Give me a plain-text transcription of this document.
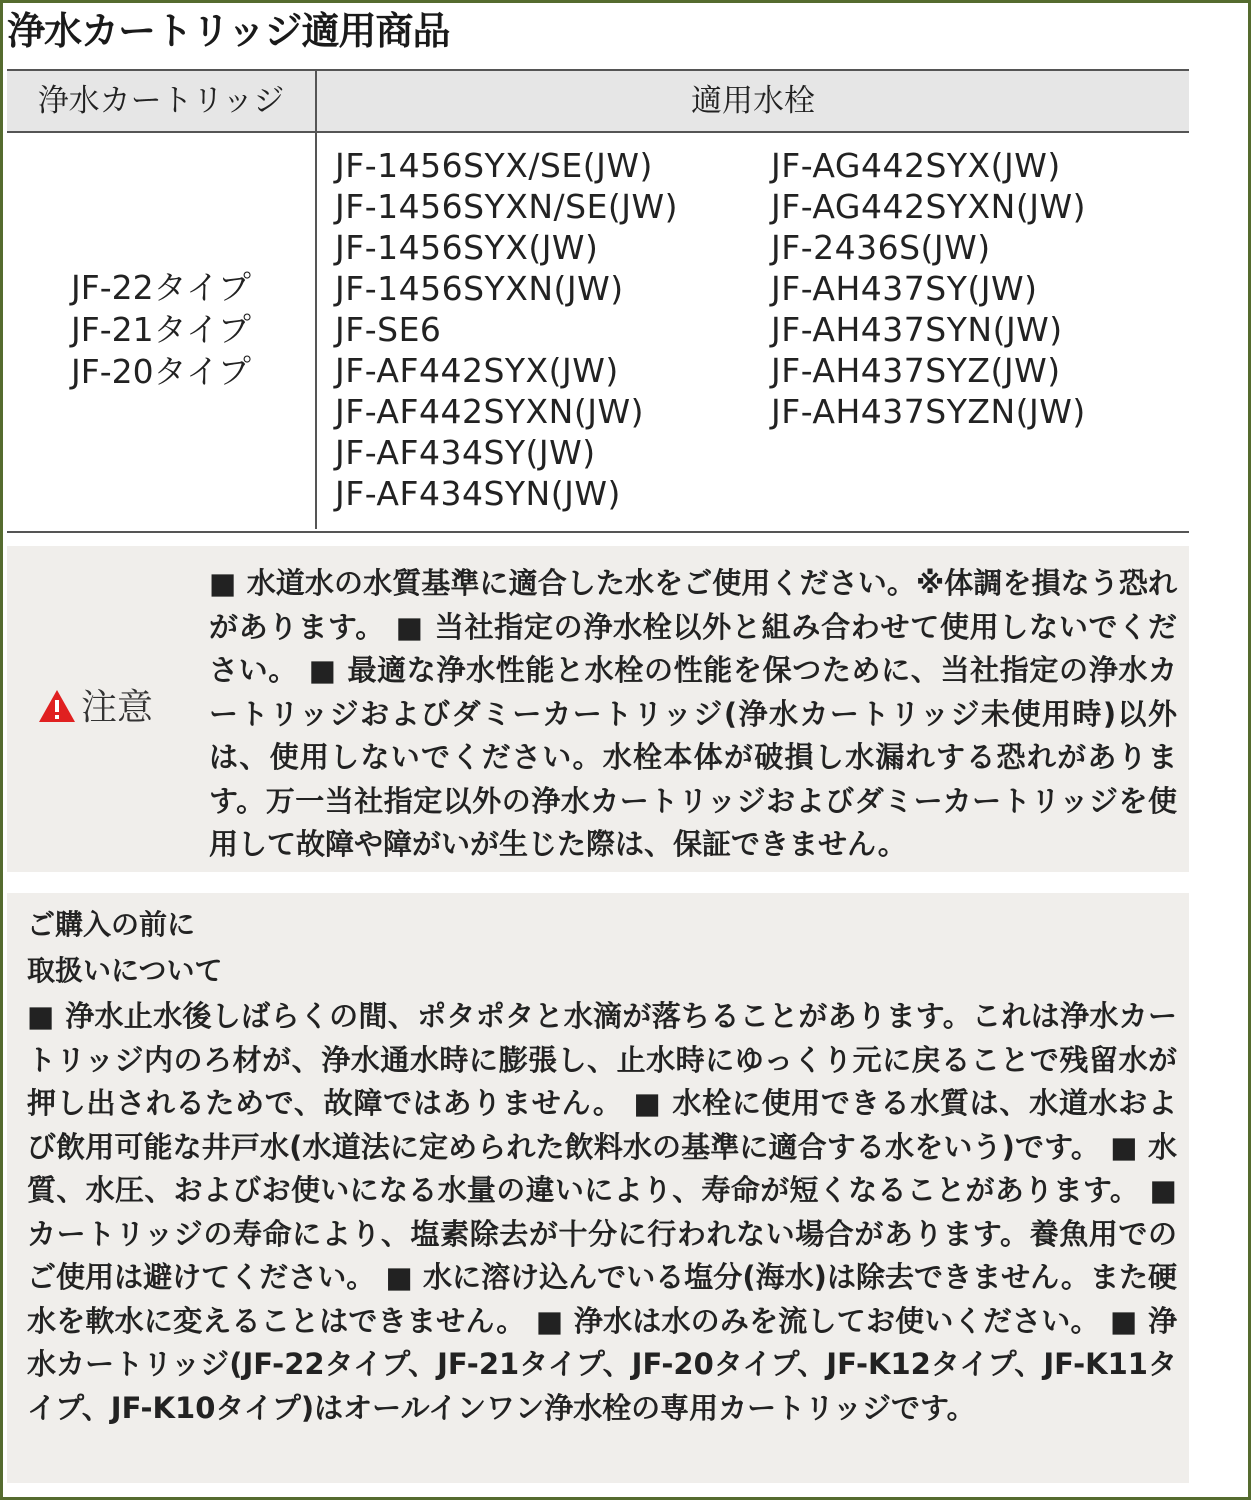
浄水カートリッジ適用商品
浄水カートリッジ	適用水栓
JF-22タイプ
JF-21タイプ
JF-20タイプ
JF-1456SYX/SE(JW)
JF-1456SYXN/SE(JW)
JF-1456SYX(JW)
JF-1456SYXN(JW)
JF-SE6
JF-AF442SYX(JW)
JF-AF442SYXN(JW)
JF-AF434SY(JW)
JF-AF434SYN(JW)
JF-AG442SYX(JW)
JF-AG442SYXN(JW)
JF-2436S(JW)
JF-AH437SY(JW)
JF-AH437SYN(JW)
JF-AH437SYZ(JW)
JF-AH437SYZN(JW)
注意
■ 水道水の水質基準に適合した水をご使用ください。※体調を損なう恐れがあります。 ■ 当社指定の浄水栓以外と組み合わせて使用しないでください。 ■ 最適な浄水性能と水栓の性能を保つために、当社指定の浄水カートリッジおよびダミーカートリッジ(浄水カートリッジ未使用時)以外は、使用しないでください。水栓本体が破損し水漏れする恐れがあります。万一当社指定以外の浄水カートリッジおよびダミーカートリッジを使用して故障や障がいが生じた際は、保証できません。
ご購入の前に
取扱いについて
■ 浄水止水後しばらくの間、ポタポタと水滴が落ちることがあります。これは浄水カートリッジ内のろ材が、浄水通水時に膨張し、止水時にゆっくり元に戻ることで残留水が押し出されるためで、故障ではありません。 ■ 水栓に使用できる水質は、水道水および飲用可能な井戸水(水道法に定められた飲料水の基準に適合する水をいう)です。 ■ 水質、水圧、およびお使いになる水量の違いにより、寿命が短くなることがあります。 ■ カートリッジの寿命により、塩素除去が十分に行われない場合があります。養魚用でのご使用は避けてください。 ■ 水に溶け込んでいる塩分(海水)は除去できません。また硬水を軟水に変えることはできません。 ■ 浄水は水のみを流してお使いください。 ■ 浄水カートリッジ(JF-22タイプ、JF-21タイプ、JF-20タイプ、JF-K12タイプ、JF-K11タイプ、JF-K10タイプ)はオールインワン浄水栓の専用カートリッジです。
